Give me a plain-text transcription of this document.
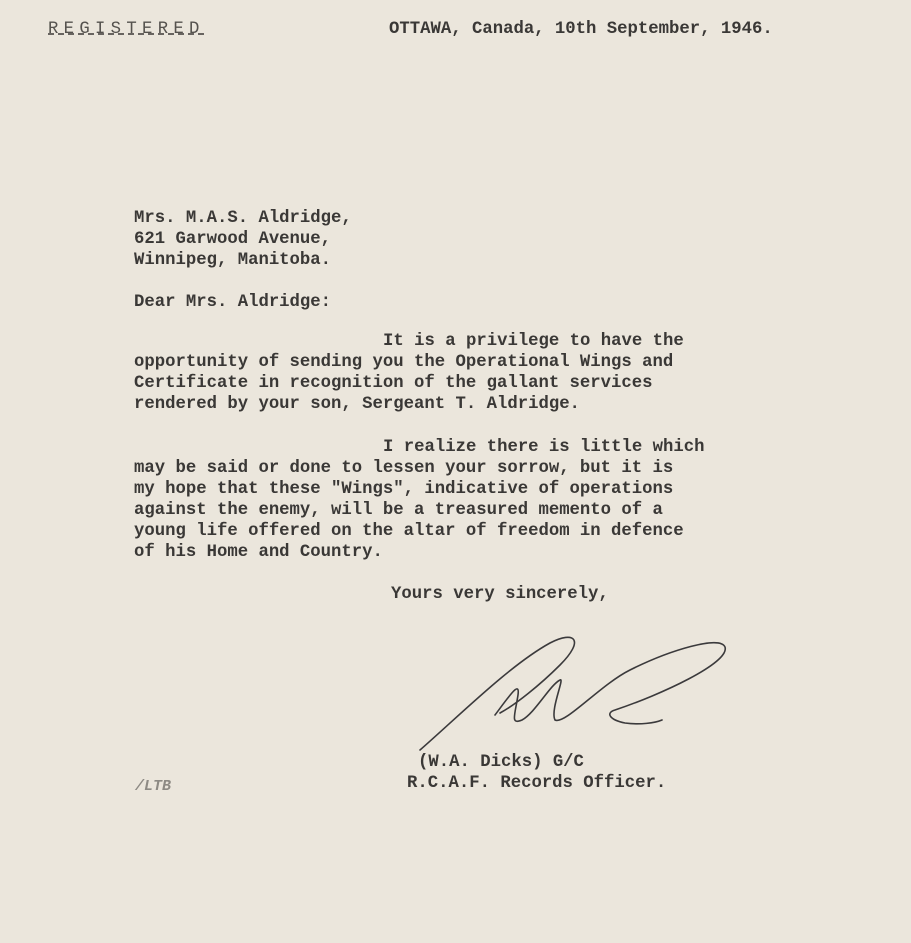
REGISTERED	OTTAWA, Canada, 10th September, 1946.
Mrs. M.A.S. Aldridge,
621 Garwood Avenue,
Winnipeg, Manitoba.
Dear Mrs. Aldridge:
It is a privilege to have the
opportunity of sending you the Operational Wings and
Certificate in recognition of the gallant services
rendered by your son, Sergeant T. Aldridge.
I realize there is little which
may be said or done to lessen your sorrow, but it is
my hope that these "Wings", indicative of operations
against the enemy, will be a treasured memento of a
young life offered on the altar of freedom in defence
of his Home and Country.
Yours very sincerely,
(W.A. Dicks) G/C
R.C.A.F. Records Officer.
/LTB
